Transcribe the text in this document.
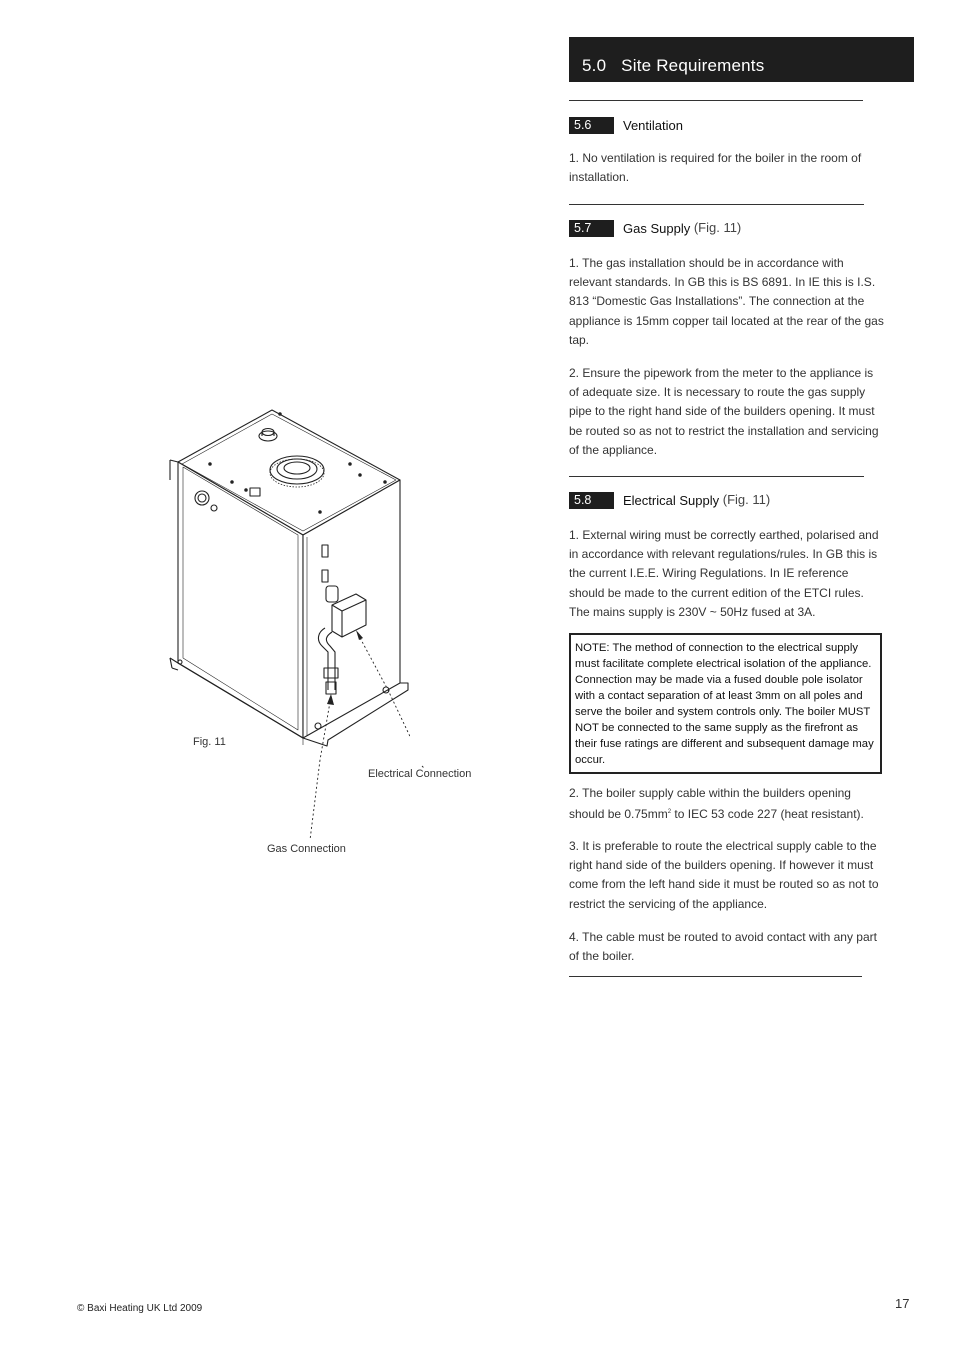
5.0 Site Requirements
5.6 Ventilation

1. No ventilation is required for the boiler in the room of installation.

5.7 Gas Supply (Fig. 11)

1. The gas installation should be in accordance with relevant standards. In GB this is BS 6891. In IE this is I.S. 813 “Domestic Gas Installations”. The connection at the appliance is 15mm copper tail located at the rear of the gas tap.

2. Ensure the pipework from the meter to the appliance is of adequate size. It is necessary to route the gas supply pipe to the right hand side of the builders opening. It must be routed so as not to restrict the installation and servicing of the appliance.

5.8 Electrical Supply (Fig. 11)

1. External wiring must be correctly earthed, polarised and in accordance with relevant regulations/rules. In GB this is the current I.E.E. Wiring Regulations. In IE reference should be made to the current edition of the ETCI rules. The mains supply is 230V ~ 50Hz fused at 3A.

NOTE: The method of connection to the electrical supply must facilitate complete electrical isolation of the appliance. Connection may be made via a fused double pole isolator with a contact separation of at least 3mm on all poles and serve the boiler and system controls only. The boiler MUST NOT be connected to the same supply as the firefront as their fuse ratings are different and subsequent damage may occur.

2. The boiler supply cable within the builders opening should be $0.75mm^2$ to IEC 53 code 227 (heat resistant).

3. It is preferable to route the electrical supply cable to the right hand side of the builders opening. If however it must come from the left hand side it must be routed so as not to restrict the servicing of the appliance.

4. The cable must be routed to avoid contact with any part of the boiler.

Fig. 11
Electrical Connection
Gas Connection
© Baxi Heating UK Ltd 2009	17
